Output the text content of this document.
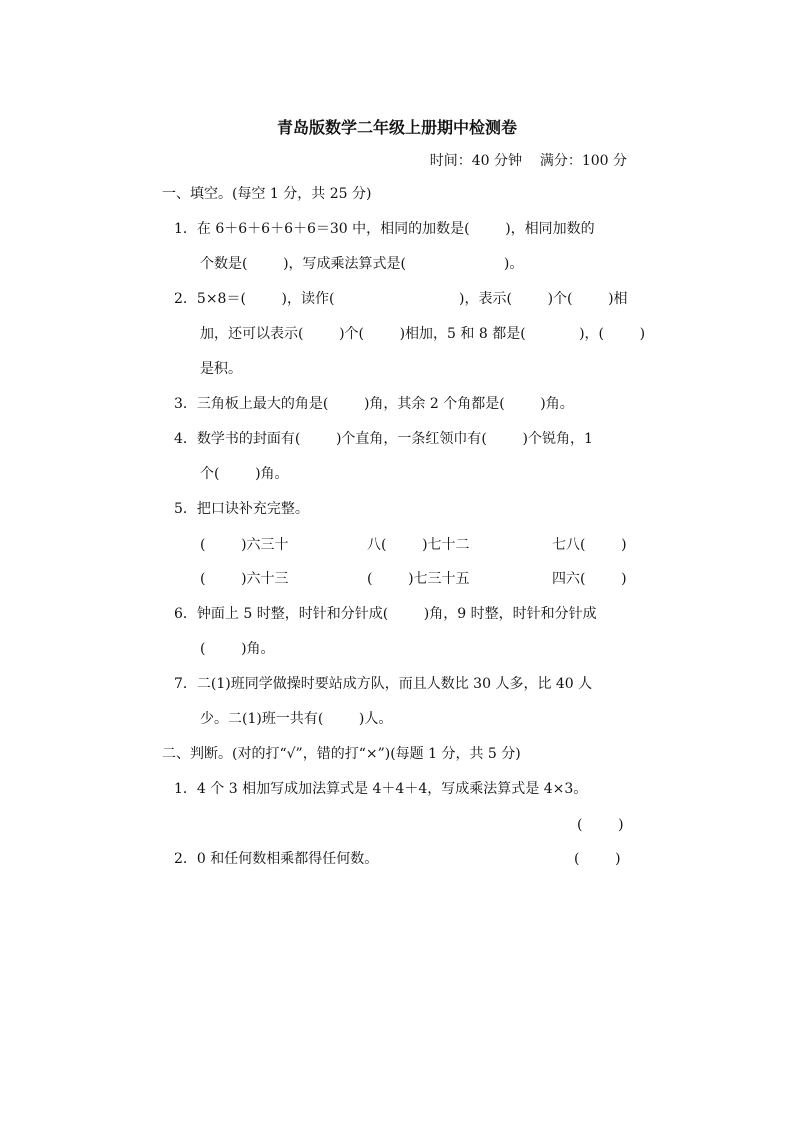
青岛版数学二年级上册期中检测卷
时间：40 分钟    满分：100 分
一、填空。(每空 1 分，共 25 分)
1．在 6＋6＋6＋6＋6＝30 中，相同的加数是(        )，相同加数的
个数是(        )，写成乘法算式是(                      )。
2．5×8＝(        )，读作(                            )，表示(        )个(        )相
加，还可以表示(        )个(        )相加，5 和 8 都是(            )，(        )
是积。
3．三角板上最大的角是(        )角，其余 2 个角都是(        )角。
4．数学书的封面有(        )个直角，一条红领巾有(        )个锐角，1
个(        )角。
5．把口诀补充完整。
(        )六三十	八(        )七十二	七八(        )
(        )六十三	(        )七三十五	四六(        )
6．钟面上 5 时整，时针和分针成(        )角，9 时整，时针和分针成
(        )角。
7．二(1)班同学做操时要站成方队，而且人数比 30 人多，比 40 人
少。二(1)班一共有(        )人。
二、判断。(对的打“√”，错的打“×”)(每题 1 分，共 5 分)
1．4 个 3 相加写成加法算式是 4＋4＋4，写成乘法算式是 4×3。
(        )
2．0 和任何数相乘都得任何数。	(        )
